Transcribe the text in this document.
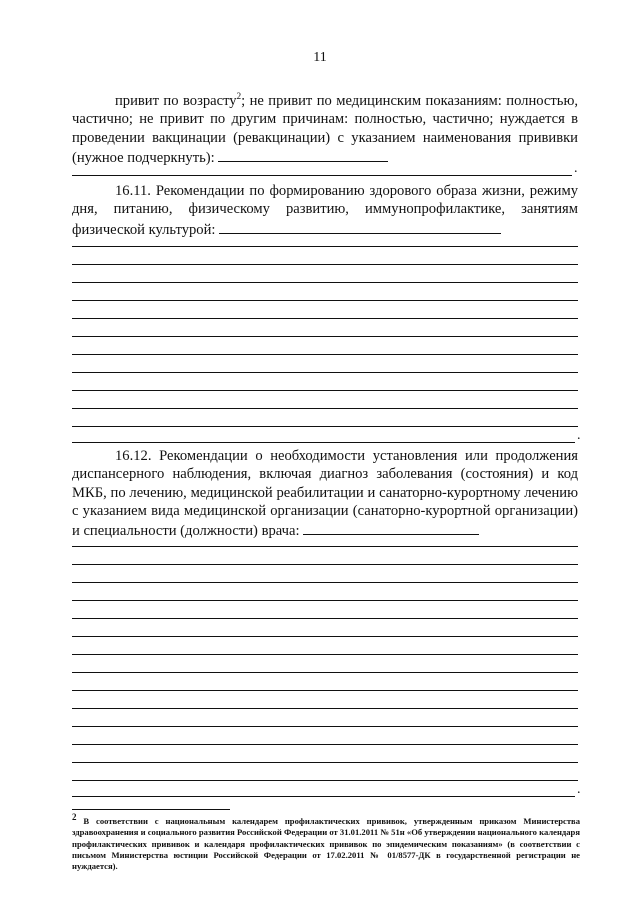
11

привит по возрасту$^2$; не привит по медицинским показаниям: полностью, частично; не привит по другим причинам: полностью, частично; нуждается в проведении вакцинации (ревакцинации) с указанием наименования прививки (нужное подчеркнуть):

.

16.11. Рекомендации по формированию здорового образа жизни, режиму дня, питанию, физическому развитию, иммунопрофилактике, занятиям физической культурой:

.

16.12. Рекомендации о необходимости установления или продолжения диспансерного наблюдения, включая диагноз заболевания (состояния) и код МКБ, по лечению, медицинской реабилитации и санаторно-курортному лечению с указанием вида медицинской организации (санаторно-курортной организации) и специальности (должности) врача:

.
$^2$ В соответствии с национальным календарем профилактических прививок, утвержденным приказом Министерства здравоохранения и социального развития Российской Федерации от 31.01.2011 № 51н «Об утверждении национального календаря профилактических прививок и календаря профилактических прививок по эпидемическим показаниям» (в соответствии с письмом Министерства юстиции Российской Федерации от 17.02.2011 № 01/8577-ДК в государственной регистрации не нуждается).
